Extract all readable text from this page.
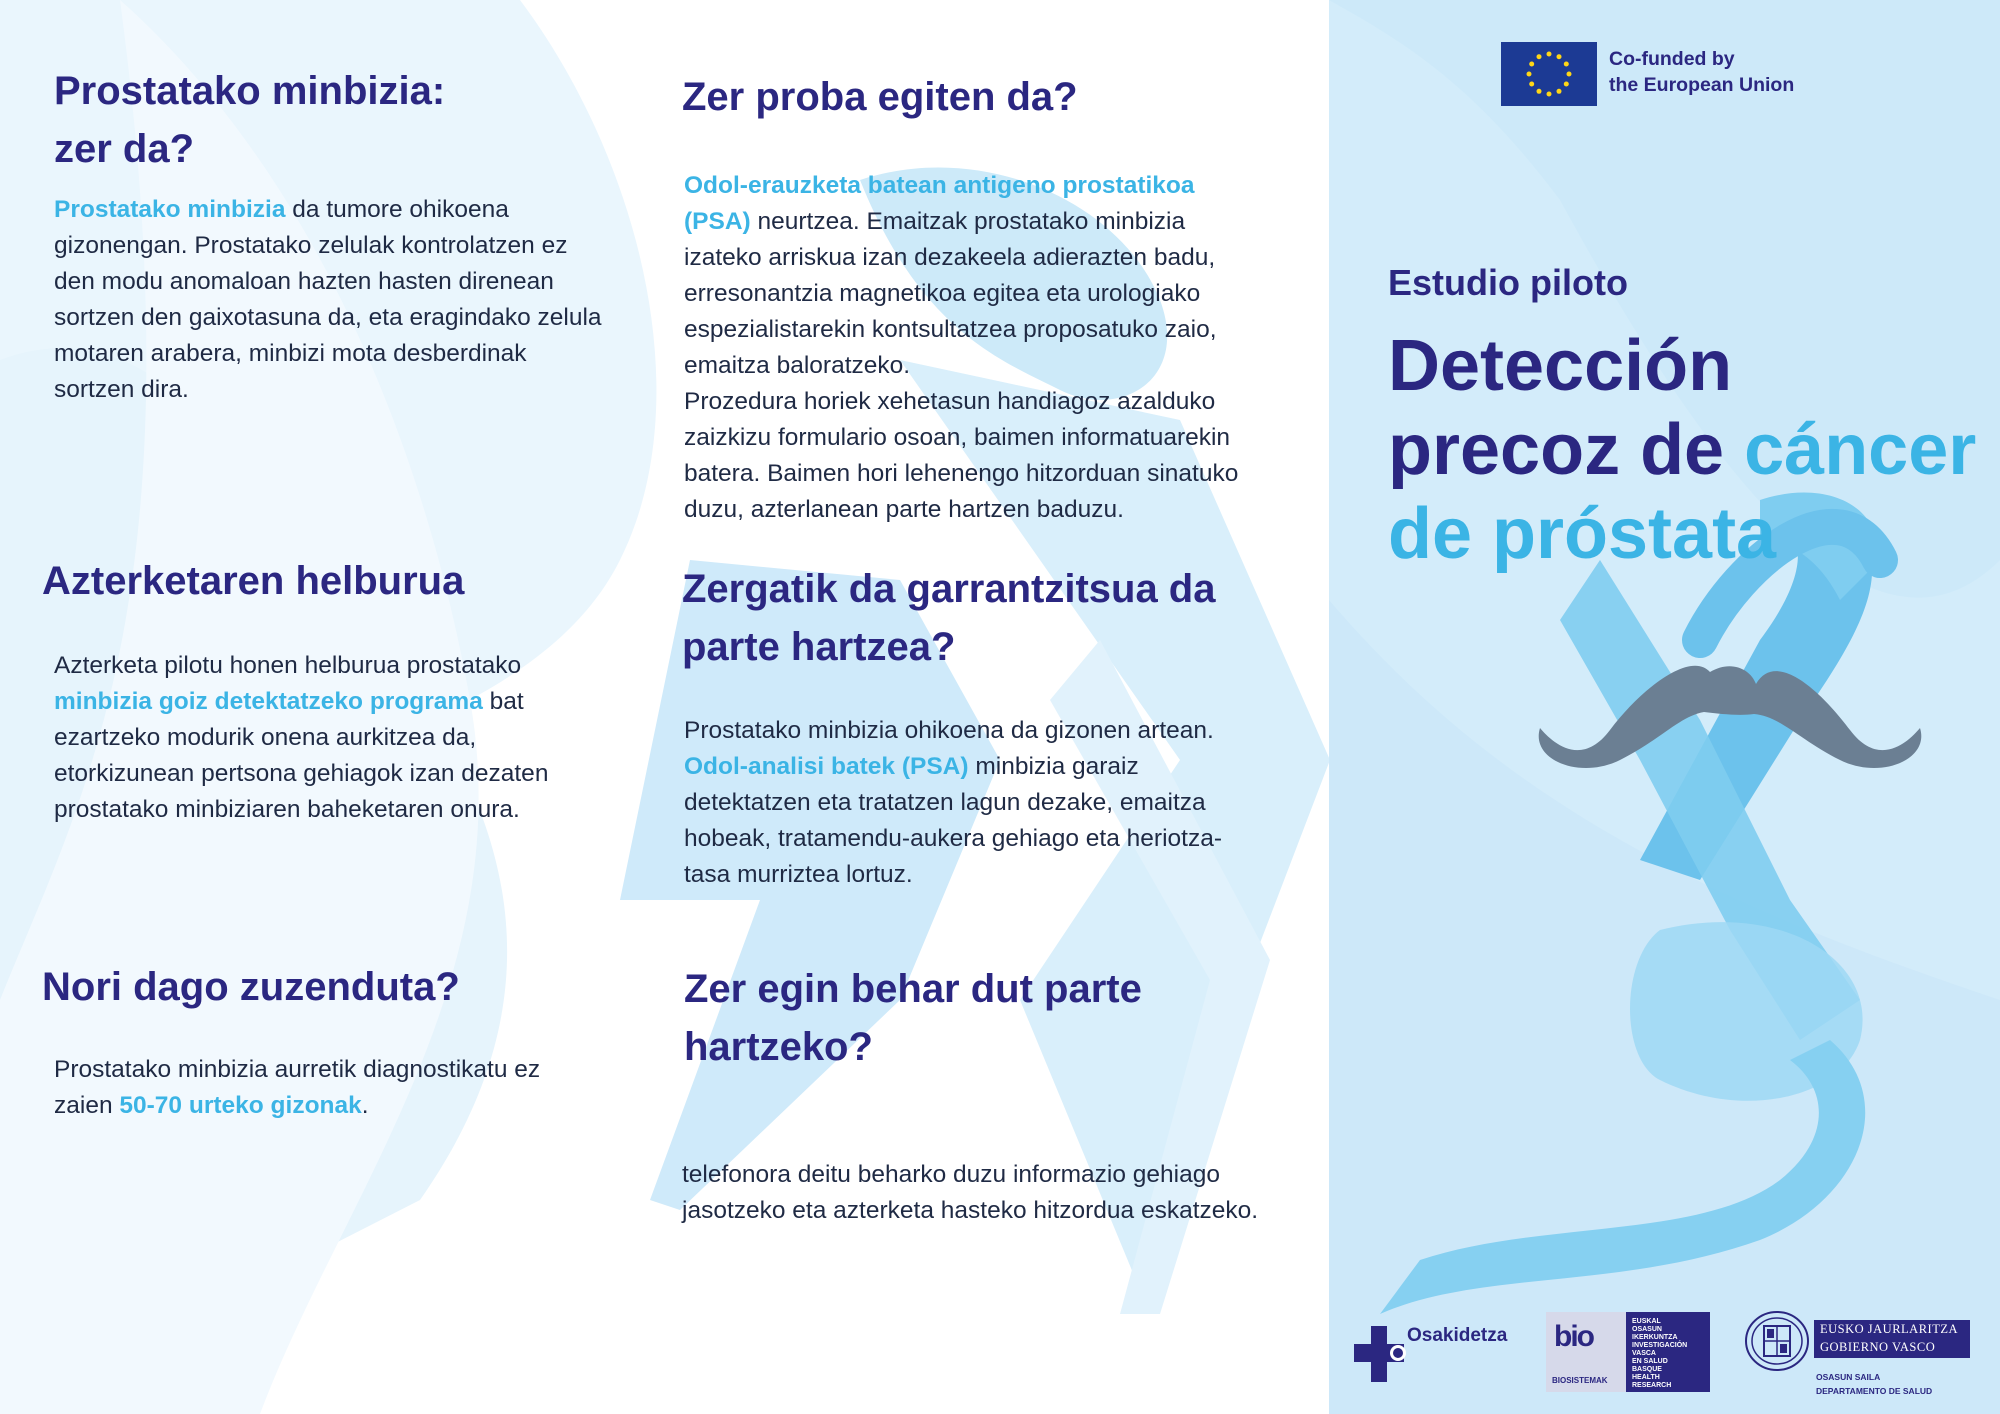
Co-funded by
the European Union
Estudio piloto
Detección
precoz de cáncer
de próstata
Prostatako minbizia:
zer da?

Prostatako minbizia da tumore ohikoena
gizonengan. Prostatako zelulak kontrolatzen ez
den modu anomaloan hazten hasten direnean
sortzen den gaixotasuna da, eta eragindako zelula
motaren arabera, minbizi mota desberdinak
sortzen dira.

Azterketaren helburua

Azterketa pilotu honen helburua prostatako
minbizia goiz detektatzeko programa bat
ezartzeko modurik onena aurkitzea da,
etorkizunean pertsona gehiagok izan dezaten
prostatako minbiziaren baheketaren onura.

Nori dago zuzenduta?

Prostatako minbizia aurretik diagnostikatu ez
zaien 50-70 urteko gizonak.

Zer proba egiten da?

Odol-erauzketa batean antigeno prostatikoa
(PSA) neurtzea. Emaitzak prostatako minbizia
izateko arriskua izan dezakeela adierazten badu,
erresonantzia magnetikoa egitea eta urologiako
espezialistarekin kontsultatzea proposatuko zaio,
emaitza baloratzeko.
Prozedura horiek xehetasun handiagoz azalduko
zaizkizu formulario osoan, baimen informatuarekin
batera. Baimen hori lehenengo hitzorduan sinatuko
duzu, azterlanean parte hartzen baduzu.

Zergatik da garrantzitsua da
parte hartzea?

Prostatako minbizia ohikoena da gizonen artean.
Odol-analisi batek (PSA) minbizia garaiz
detektatzen eta tratatzen lagun dezake, emaitza
hobeak, tratamendu-aukera gehiago eta heriotza-
tasa murriztea lortuz.

Zer egin behar dut parte
hartzeko?

telefonora deitu beharko duzu informazio gehiago
jasotzeko eta azterketa hasteko hitzordua eskatzeko.

Osakidetza bio
BIOSISTEMAK
EUSKAL
OSASUN
IKERKUNTZA
INVESTIGACIÓN
VASCA
EN SALUD
BASQUE
HEALTH
RESEARCH
EUSKO JAURLARITZA
GOBIERNO VASCO
OSASUN SAILA
DEPARTAMENTO DE SALUD
